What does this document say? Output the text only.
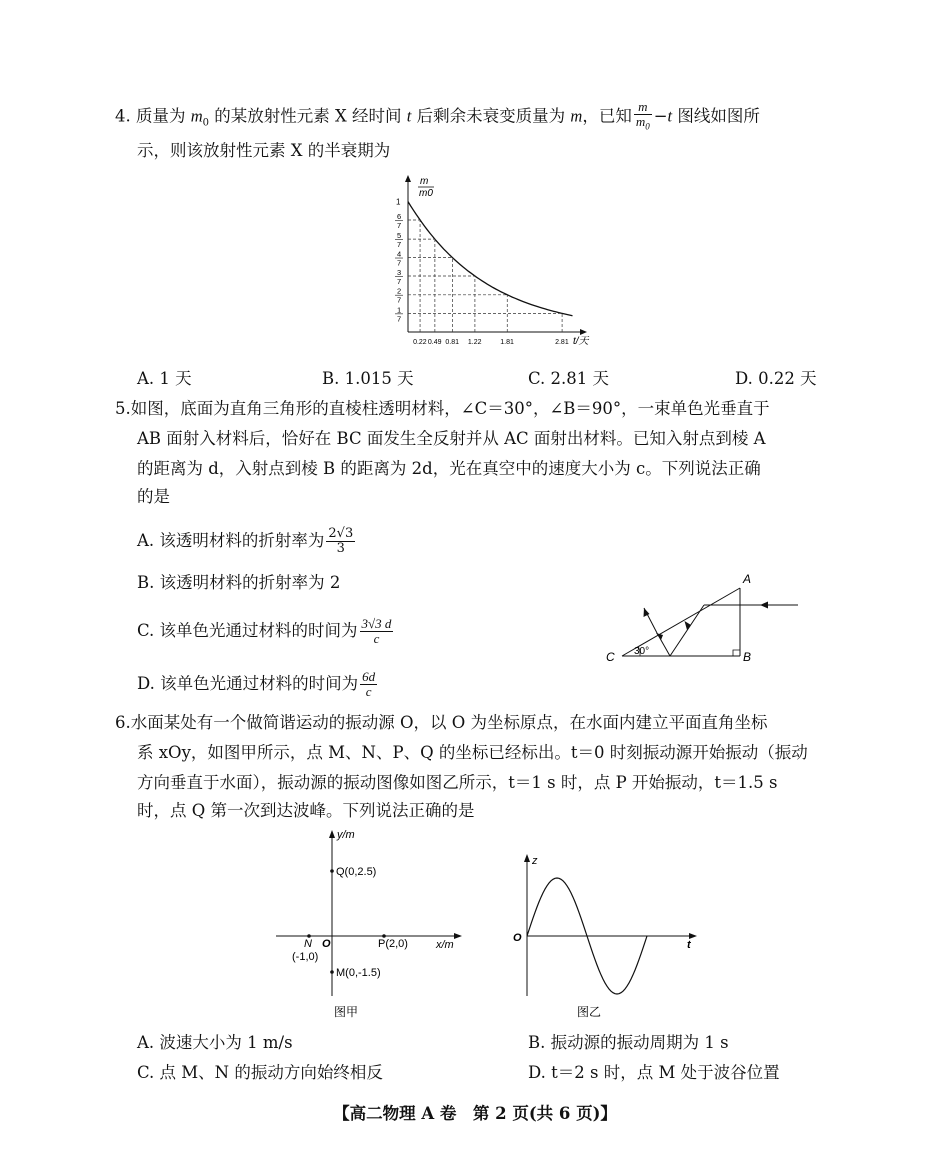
4. 质量为 $m_0$ 的某放射性元素 X 经时间 t 后剩余未衰变质量为 m，已知 $\frac{m}{m_0} -t$ 图线如图所
示，则该放射性元素 X 的半衰期为
0.22 0.49 0.81 1.22	1.81	2.81
1
6
7
5
7
4
7
3
7
2
7
1
7
m
m0
t/天
A. 1 天	B. 1.015 天	C. 2.81 天	D. 0.22 天
5.如图，底面为直角三角形的直棱柱透明材料，∠C＝30°，∠B＝90°，一束单色光垂直于
AB 面射入材料后，恰好在 BC 面发生全反射并从 AC 面射出材料。已知入射点到棱 A
的距离为 d，入射点到棱 B 的距离为 2d，光在真空中的速度大小为 c。下列说法正确
的是
A. 该透明材料的折射率为 $\frac{2√3}{3}$
B. 该透明材料的折射率为 2
C. 该单色光通过材料的时间为 $\frac{3√3 d}{c}$
D. 该单色光通过材料的时间为 $\frac{6d}{c}$
A
B
C 30°
6.水面某处有一个做简谐运动的振动源 O，以 O 为坐标原点，在水面内建立平面直角坐标
系 xOy，如图甲所示，点 M、N、P、Q 的坐标已经标出。t＝0 时刻振动源开始振动（振动
方向垂直于水面），振动源的振动图像如图乙所示，t＝1 s 时，点 P 开始振动，t＝1.5 s
时，点 Q 第一次到达波峰。下列说法正确的是
y/m
x/m
O
Q(0,2.5)
P(2,0)
N
(-1,0)
M(0,-1.5)
图甲
z
t
O
图乙
A. 波速大小为 1 m/s	B. 振动源的振动周期为 1 s
C. 点 M、N 的振动方向始终相反	D. t＝2 s 时，点 M 处于波谷位置
【高二物理 A 卷　第 2 页(共 6 页)】
